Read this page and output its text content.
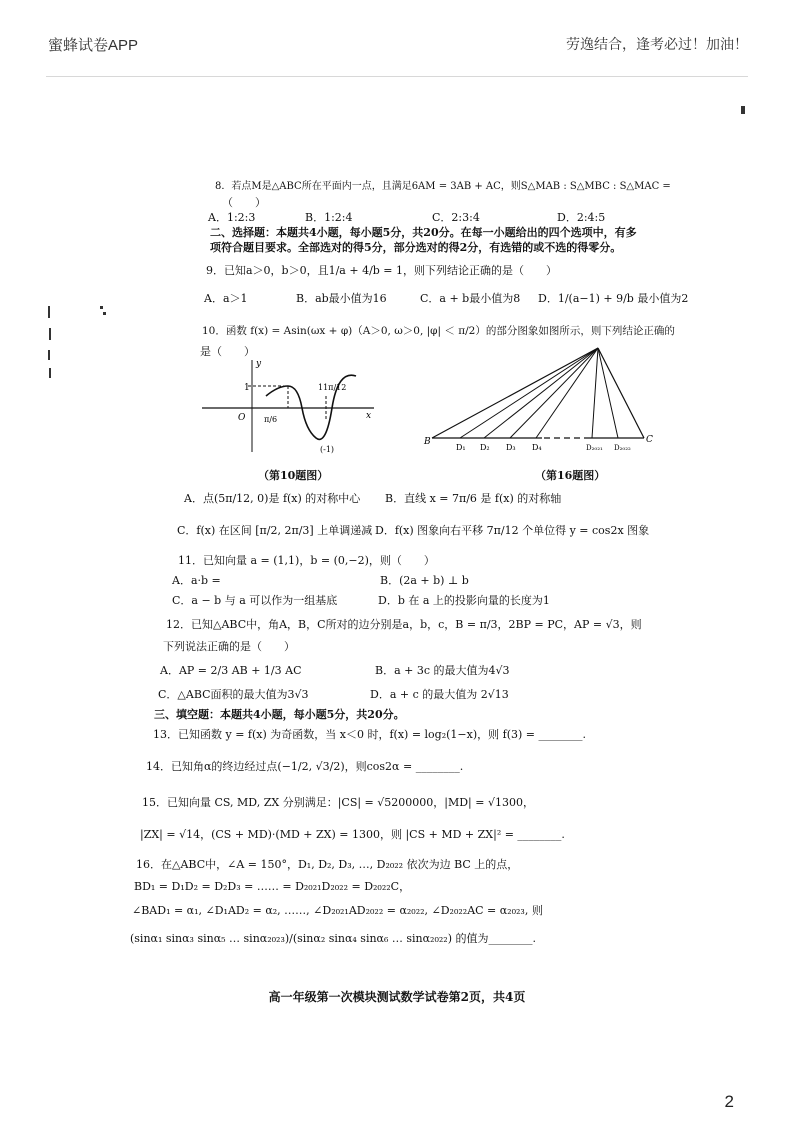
蜜蜂试卷APP	劳逸结合，逢考必过！加油！
8．若点M是△ABC所在平面内一点，且满足6AM = 3AB + AC，则S△MAB : S△MBC : S△MAC =
（　　）
A．1:2:3	B．1:2:4	C．2:3:4	D．2:4:5
二、选择题：本题共4小题，每小题5分，共20分。在每一小题给出的四个选项中，有多
项符合题目要求。全部选对的得5分，部分选对的得2分，有选错的或不选的得零分。
9．已知a＞0，b＞0，且1/a + 4/b = 1，则下列结论正确的是（　　）
A．a＞1	B．ab最小值为16	C．a + b最小值为8 D．1/(a−1) + 9/b 最小值为2
10．函数 f(x) = Asin(ωx + φ)（A＞0, ω＞0, |φ| ＜ π/2）的部分图象如图所示，则下列结论正确的
是（　　）
1
O π/6
11π/12
x
y
(-1)
B	C
D₁ D₂ D₃ D₄	D₂₀₂₁ D₂₀₂₂
（第10题图）	（第16题图）
A．点(5π/12, 0)是 f(x) 的对称中心 B．直线 x = 7π/6 是 f(x) 的对称轴
C．f(x) 在区间 [π/2, 2π/3] 上单调递减 D．f(x) 图象向右平移 7π/12 个单位得 y = cos2x 图象
11．已知向量 a = (1,1)，b = (0,−2)，则（　　）
A．a·b =	B．(2a + b) ⊥ b
C．a − b 与 a 可以作为一组基底	D．b 在 a 上的投影向量的长度为1
12．已知△ABC中，角A，B，C所对的边分别是a，b，c，B = π/3，2BP = PC，AP = √3，则
下列说法正确的是（　　）
A．AP = 2/3 AB + 1/3 AC	B．a + 3c 的最大值为4√3
C．△ABC面积的最大值为3√3	D．a + c 的最大值为 2√13
三、填空题：本题共4小题，每小题5分，共20分。
13．已知函数 y = f(x) 为奇函数，当 x＜0 时，f(x) = log₂(1−x)，则 f(3) = ________.
14．已知角α的终边经过点(−1/2, √3/2)，则cos2α = ________.
15．已知向量 CS, MD, ZX 分别满足：|CS| = √5200000，|MD| = √1300，
|ZX| = √14，(CS + MD)·(MD + ZX) = 1300，则 |CS + MD + ZX|² = ________.
16．在△ABC中，∠A = 150°，D₁, D₂, D₃, …, D₂₀₂₂ 依次为边 BC 上的点，
BD₁ = D₁D₂ = D₂D₃ = …… = D₂₀₂₁D₂₀₂₂ = D₂₀₂₂C，
∠BAD₁ = α₁, ∠D₁AD₂ = α₂, ……, ∠D₂₀₂₁AD₂₀₂₂ = α₂₀₂₂, ∠D₂₀₂₂AC = α₂₀₂₃, 则
(sinα₁ sinα₃ sinα₅ … sinα₂₀₂₃)/(sinα₂ sinα₄ sinα₆ … sinα₂₀₂₂) 的值为________.
高一年级第一次模块测试数学试卷第2页，共4页
2
